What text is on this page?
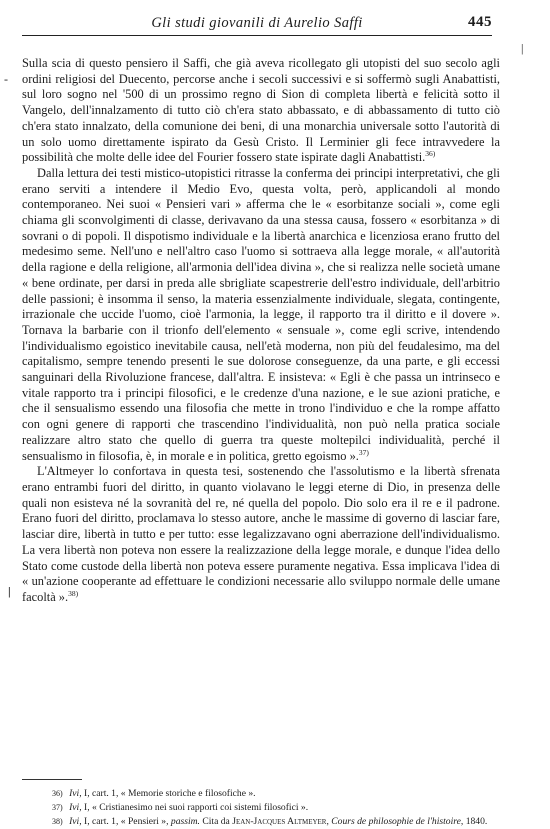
Gli studi giovanili di Aurelio Saffi	445
|
-
|

Sulla scia di questo pensiero il Saffi, che già aveva ricollegato gli utopisti del suo secolo agli ordini religiosi del Duecento, percorse anche i secoli successivi e si soffermò sugli Anabattisti, sul loro sogno nel '500 di un prossimo regno di Sion di completa libertà e felicità sotto il Vangelo, dell'innalzamento di tutto ciò ch'era stato abbassato, e di abbassamento di tutto ciò ch'era stato innalzato, della comunione dei beni, di una monarchia universale sotto l'autorità di un solo uomo direttamente ispirato da Gesù Cristo. Il Lerminier gli fece intravvedere la possibilità che molte delle idee del Fourier fossero state ispirate dagli Anabattisti.$^{36)}$

Dalla lettura dei testi mistico-utopistici ritrasse la conferma dei principi interpretativi, che gli erano serviti a intendere il Medio Evo, questa volta, però, applicandoli al mondo contemporaneo. Nei suoi « Pensieri vari » afferma che le « esorbitanze sociali », come egli chiama gli sconvolgimenti di classe, derivavano da una stessa causa, fossero « esorbitanza » di sovrani o di popoli. Il dispotismo individuale e la libertà anarchica e licenziosa erano frutto del medesimo seme. Nell'uno e nell'altro caso l'uomo si sottraeva alla legge morale, « all'autorità della ragione e della religione, all'armonia dell'idea divina », che si realizza nelle società umane « bene ordinate, per darsi in preda alle sbrigliate scapestrerie dell'estro individuale, dell'arbitrio delle passioni; è insomma il senso, la materia essenzialmente individuale, slegata, contingente, irrazionale che uccide l'uomo, cioè l'armonia, la legge, il rapporto tra il diritto e il dovere ». Tornava la barbarie con il trionfo dell'elemento « sensuale », come egli scrive, intendendo l'individualismo egoistico inevitabile causa, nell'età moderna, non più del feudalesimo, ma del capitalismo, sempre tenendo presenti le sue dolorose conseguenze, da una parte, e gli eccessi sanguinari della Rivoluzione francese, dall'altra. E insisteva: « Egli è che passa un intrinseco e vitale rapporto tra i principi filosofici, e le credenze d'una nazione, e le sue azioni pratiche, e che il sensualismo essendo una filosofia che mette in trono l'individuo e che la rompe affatto con ogni genere di rapporti che trascendino l'individualità, non può nella pratica sociale realizzare altro stato che quello di guerra tra queste moltepilci individualità, perché il sensualismo in filosofia, è, in morale e in politica, gretto egoismo ».$^{37)}$

L'Altmeyer lo confortava in questa tesi, sostenendo che l'assolutismo e la libertà sfrenata erano entrambi fuori del diritto, in quanto violavano le leggi eterne di Dio, in presenza delle quali non esisteva né la sovranità del re, né quella del popolo. Dio solo era il re e il padrone. Erano fuori del diritto, proclamava lo stesso autore, anche le massime di governo di lasciar fare, lasciar dire, libertà in tutto e per tutto: esse legalizzavano ogni aberrazione dell'individualismo. La vera libertà non poteva non essere la realizzazione della legge morale, e dunque l'idea dello Stato come custode della libertà non poteva essere puramente negativa. Essa implicava l'idea di « un'azione cooperante ad effettuare le condizioni necessarie allo sviluppo normale delle umane facoltà ».$^{38)}$

36) Ivi, I, cart. 1, « Memorie storiche e filosofiche ».

37) Ivi, I, « Cristianesimo nei suoi rapporti coi sistemi filosofici ».

38) Ivi, I, cart. 1, « Pensieri », passim. Cita da Jean-Jacques Altmeyer, Cours de philosophie de l'histoire, 1840.
